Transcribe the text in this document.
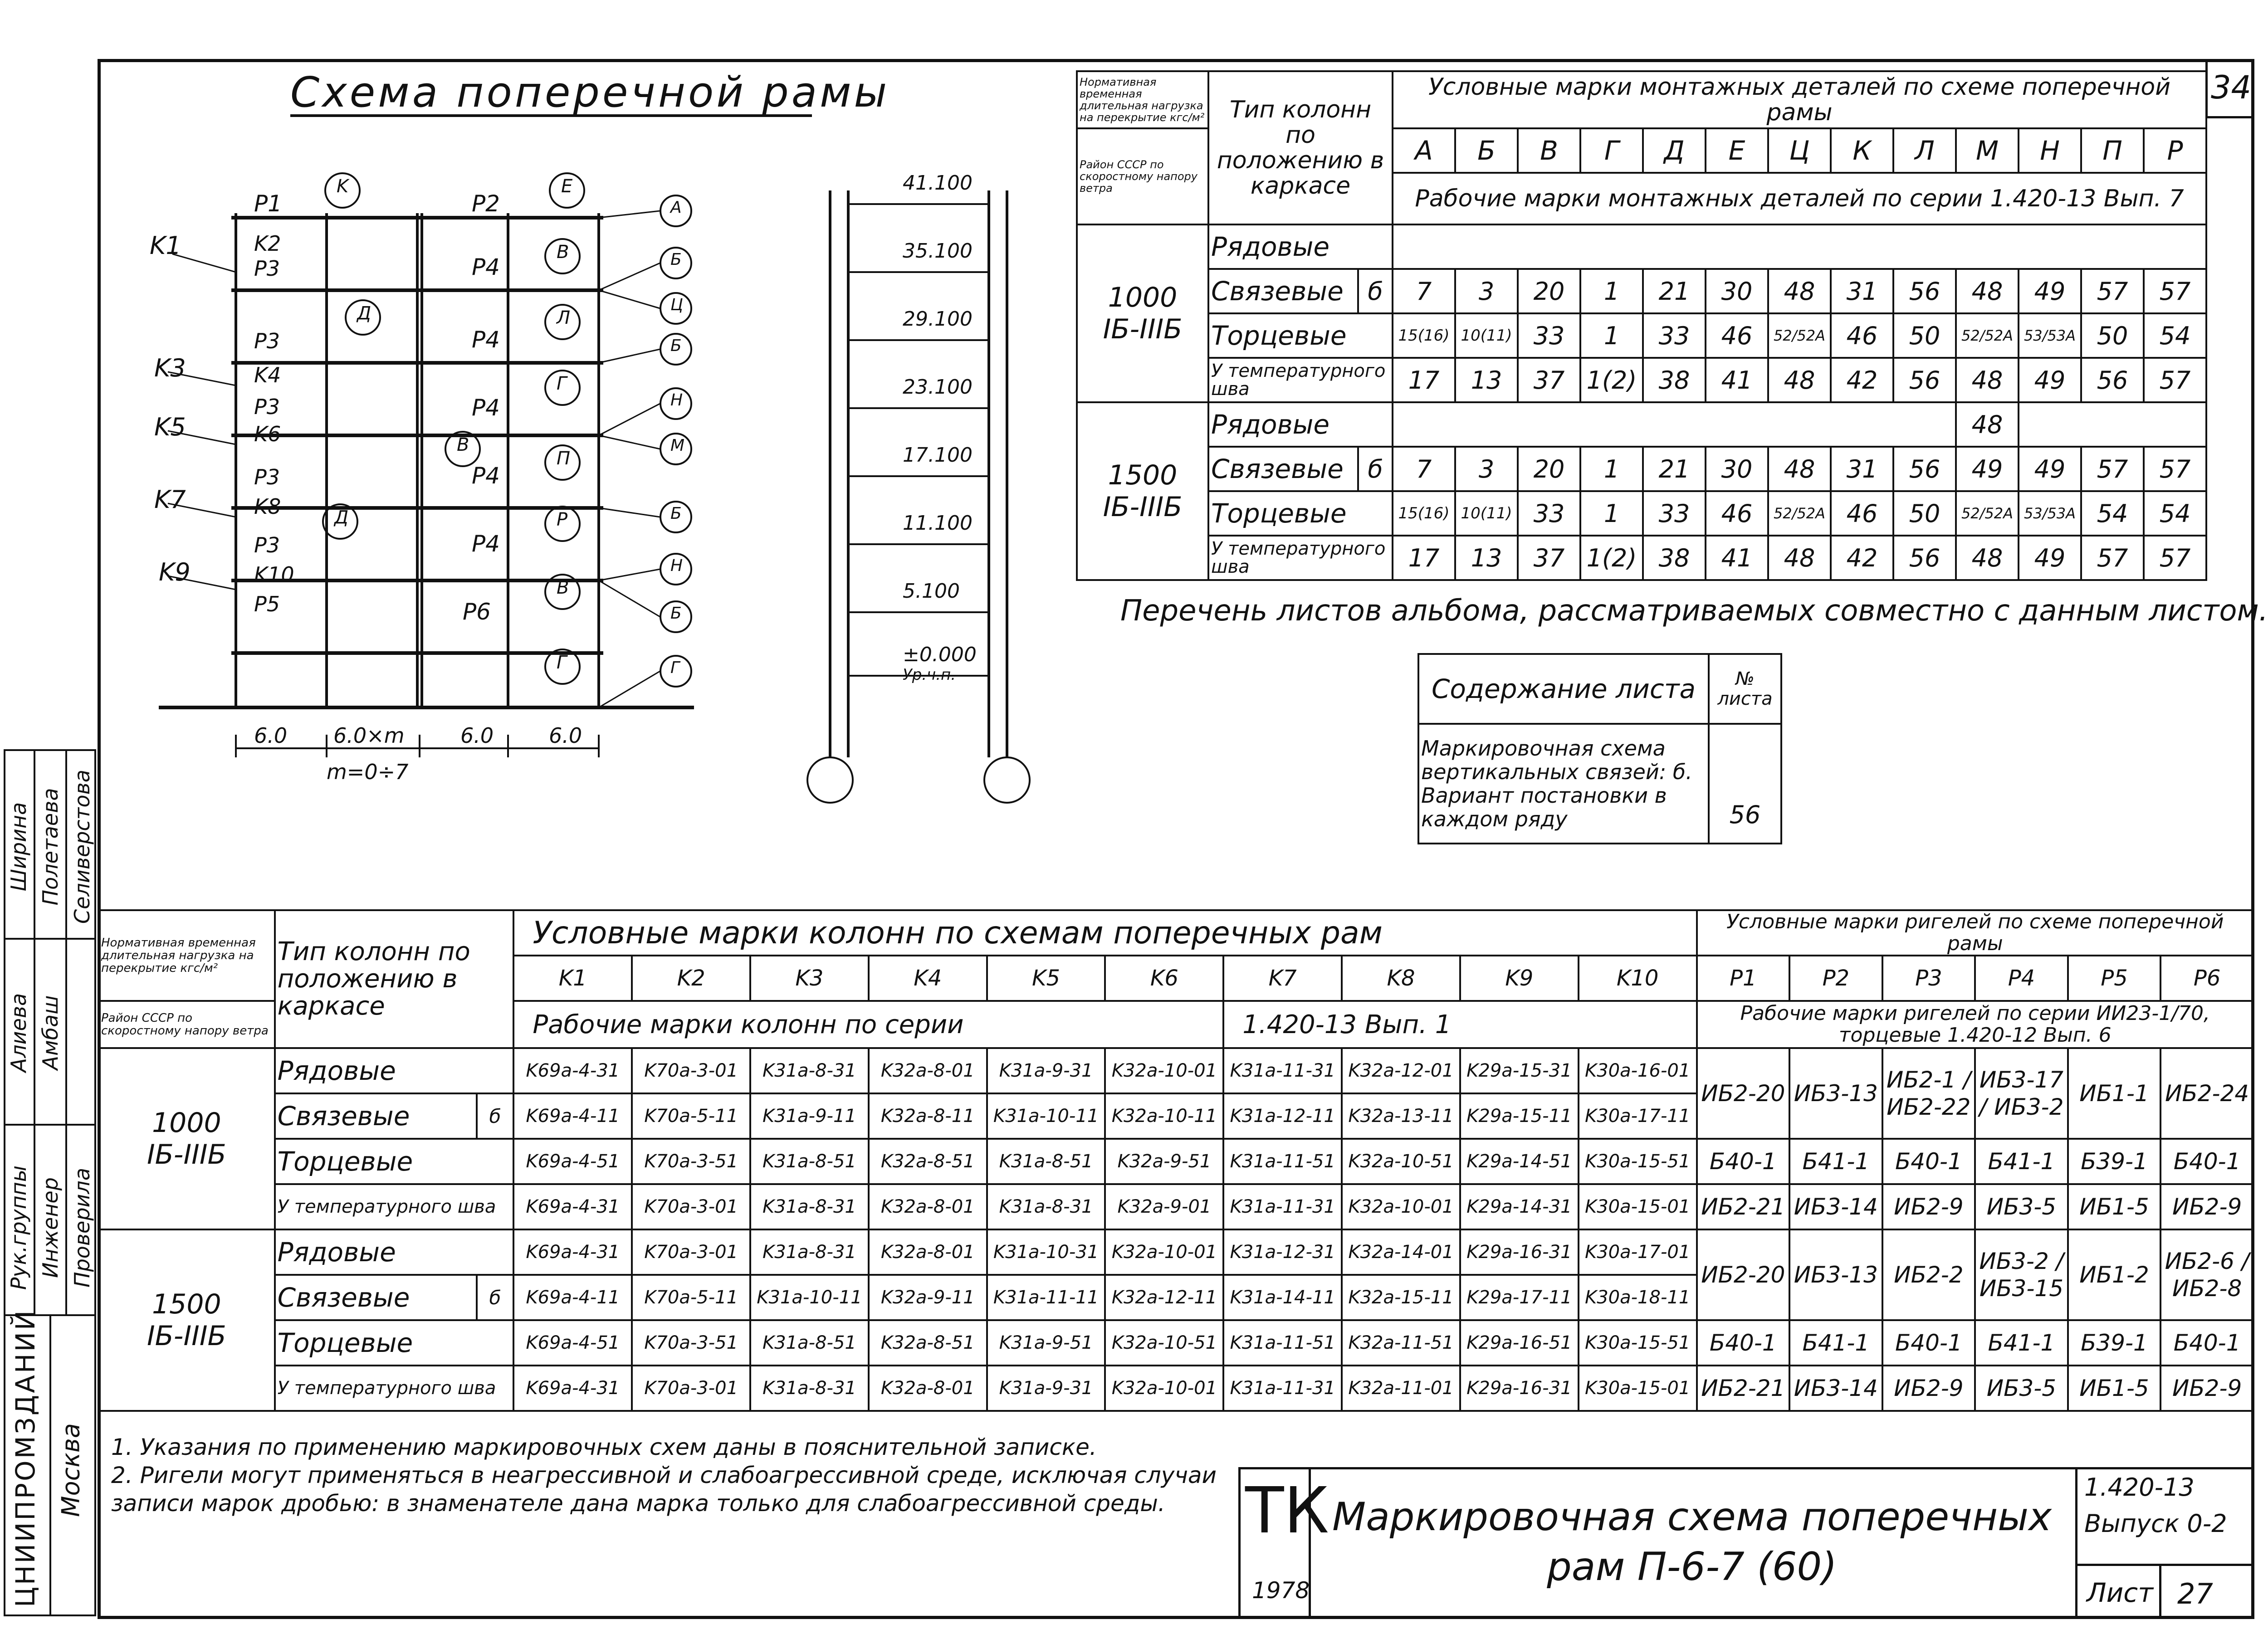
34
Схема поперечной рамы
K1
K3
K5
K7
K9
P1	P2
K2
P3
P3
K4
P3
K6
P3
K8
P3
K10
P5
P4
P4
P4
P4
P4
P6
K
Д
В
Д
Е
В
Л
Г
П
Р
В
Г
А
Б
Ц
Б
Н
М
Б
Н
Б
Г
6.0 6.0×m	6.0	6.0
m=0÷7
41.100
35.100
29.100
23.100
17.100
11.100
5.100
±0.000
Ур.ч.п.
Нормативная временная длительная нагрузка на перекрытие кгс/м²	Тип колонн по положению в каркасе		Условные марки монтажных деталей по схеме поперечной рамы												
Район СССР по скоростному напору ветра			А	Б	В	Г	Д	Е	Ц	К	Л	М	Н	П	Р
			Рабочие марки монтажных деталей по серии 1.420-13 Вып. 7												
1000
IБ-IIIБ	Рядовые														
	Связевые	б	7	3	20	1	21	30	48	31	56	48	49	57	57
	Торцевые		15(16)	10(11)	33	1	33	46	52/52А	46	50	52/52А	53/53А	50	54
	У температурного шва		17	13	37	1(2)	38	41	48	42	56	48	49	56	57
1500
IБ-IIIБ	Рядовые											48			
	Связевые	б	7	3	20	1	21	30	48	31	56	49	49	57	57
	Торцевые		15(16)	10(11)	33	1	33	46	52/52А	46	50	52/52А	53/53А	54	54
	У температурного шва		17	13	37	1(2)	38	41	48	42	56	48	49	57	57
Перечень листов альбома, рассматриваемых совместно с данным листом.
Содержание листа	№ листа
Маркировочная схема вертикальных связей: б. Вариант постановки в каждом ряду	56
Рук.группы Инженер Проверила
Алиева Амбаш
Ширина Полетаева Селиверстова
ЦНИИПРОМЗДАНИЙ Москва
Нормативная временная длительная нагрузка на перекрытие кгс/м²	Тип колонн по положению в каркасе		Условные марки колонн по схемам поперечных рам										Условные марки ригелей по схеме поперечной рамы					
			K1	K2	K3	K4	K5	K6	K7	K8	K9	K10	P1	P2	P3	P4	P5	P6
Район СССР по скоростному напору ветра			Рабочие марки колонн по серии						1.420-13 Вып. 1				Рабочие марки ригелей по серии ИИ23-1/70, торцевые 1.420-12 Вып. 6					
1000
IБ-IIIБ	Рядовые		K69a-4-31	K70a-3-01	K31a-8-31	K32a-8-01	K31a-9-31	K32a-10-01	K31a-11-31	K32a-12-01	K29a-15-31	K30a-16-01	ИБ2-20	ИБ3-13	ИБ2-1 / ИБ2-22	ИБ3-17 / ИБ3-2	ИБ1-1	ИБ2-24
	Связевые	б	K69a-4-11	K70a-5-11	K31a-9-11	K32a-8-11	K31a-10-11	K32a-10-11	K31a-12-11	K32a-13-11	K29a-15-11	K30a-17-11						
	Торцевые		K69a-4-51	K70a-3-51	K31a-8-51	K32a-8-51	K31a-8-51	K32a-9-51	K31a-11-51	K32a-10-51	K29a-14-51	K30a-15-51	Б40-1	Б41-1	Б40-1	Б41-1	Б39-1	Б40-1
	У температурного шва		K69a-4-31	K70a-3-01	K31a-8-31	K32a-8-01	K31a-8-31	K32a-9-01	K31a-11-31	K32a-10-01	K29a-14-31	K30a-15-01	ИБ2-21	ИБ3-14	ИБ2-9	ИБ3-5	ИБ1-5	ИБ2-9
1500
IБ-IIIБ	Рядовые		K69a-4-31	K70a-3-01	K31a-8-31	K32a-8-01	K31a-10-31	K32a-10-01	K31a-12-31	K32a-14-01	K29a-16-31	K30a-17-01	ИБ2-20	ИБ3-13	ИБ2-2	ИБ3-2 / ИБ3-15	ИБ1-2	ИБ2-6 / ИБ2-8
	Связевые	б	K69a-4-11	K70a-5-11	K31a-10-11	K32a-9-11	K31a-11-11	K32a-12-11	K31a-14-11	K32a-15-11	K29a-17-11	K30a-18-11						
	Торцевые		K69a-4-51	K70a-3-51	K31a-8-51	K32a-8-51	K31a-9-51	K32a-10-51	K31a-11-51	K32a-11-51	K29a-16-51	K30a-15-51	Б40-1	Б41-1	Б40-1	Б41-1	Б39-1	Б40-1
	У температурного шва		K69a-4-31	K70a-3-01	K31a-8-31	K32a-8-01	K31a-9-31	K32a-10-01	K31a-11-31	K32a-11-01	K29a-16-31	K30a-15-01	ИБ2-21	ИБ3-14	ИБ2-9	ИБ3-5	ИБ1-5	ИБ2-9
1. Указания по применению маркировочных схем даны в пояснительной записке.
2. Ригели могут применяться в неагрессивной и слабоагрессивной среде, исключая случаи записи марок дробью: в знаменателе дана марка только для слабоагрессивной среды.	ТК
1978
Маркировочная схема поперечных рам П-6-7 (60)
1.420-13
Выпуск 0-2
Лист 27
